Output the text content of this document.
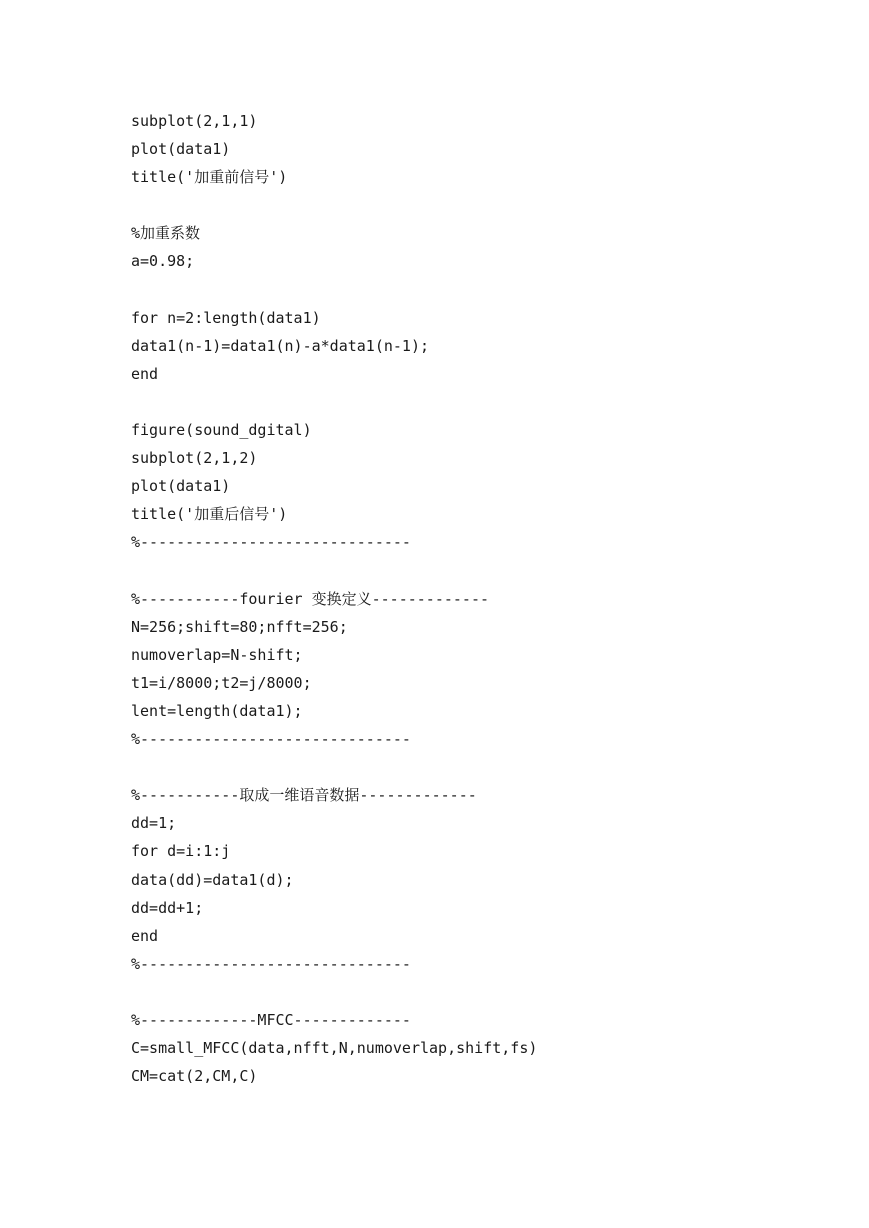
subplot(2,1,1)
plot(data1)
title('加重前信号')
%加重系数
a=0.98;
for n=2:length(data1)
data1(n-1)=data1(n)-a*data1(n-1);
end
figure(sound_dgital)
subplot(2,1,2)
plot(data1)
title('加重后信号')
%------------------------------
%-----------fourier 变换定义-------------
N=256;shift=80;nfft=256;
numoverlap=N-shift;
t1=i/8000;t2=j/8000;
lent=length(data1);
%------------------------------
%-----------取成一维语音数据-------------
dd=1;
for d=i:1:j
data(dd)=data1(d);
dd=dd+1;
end
%------------------------------
%-------------MFCC-------------
C=small_MFCC(data,nfft,N,numoverlap,shift,fs)
CM=cat(2,CM,C)
